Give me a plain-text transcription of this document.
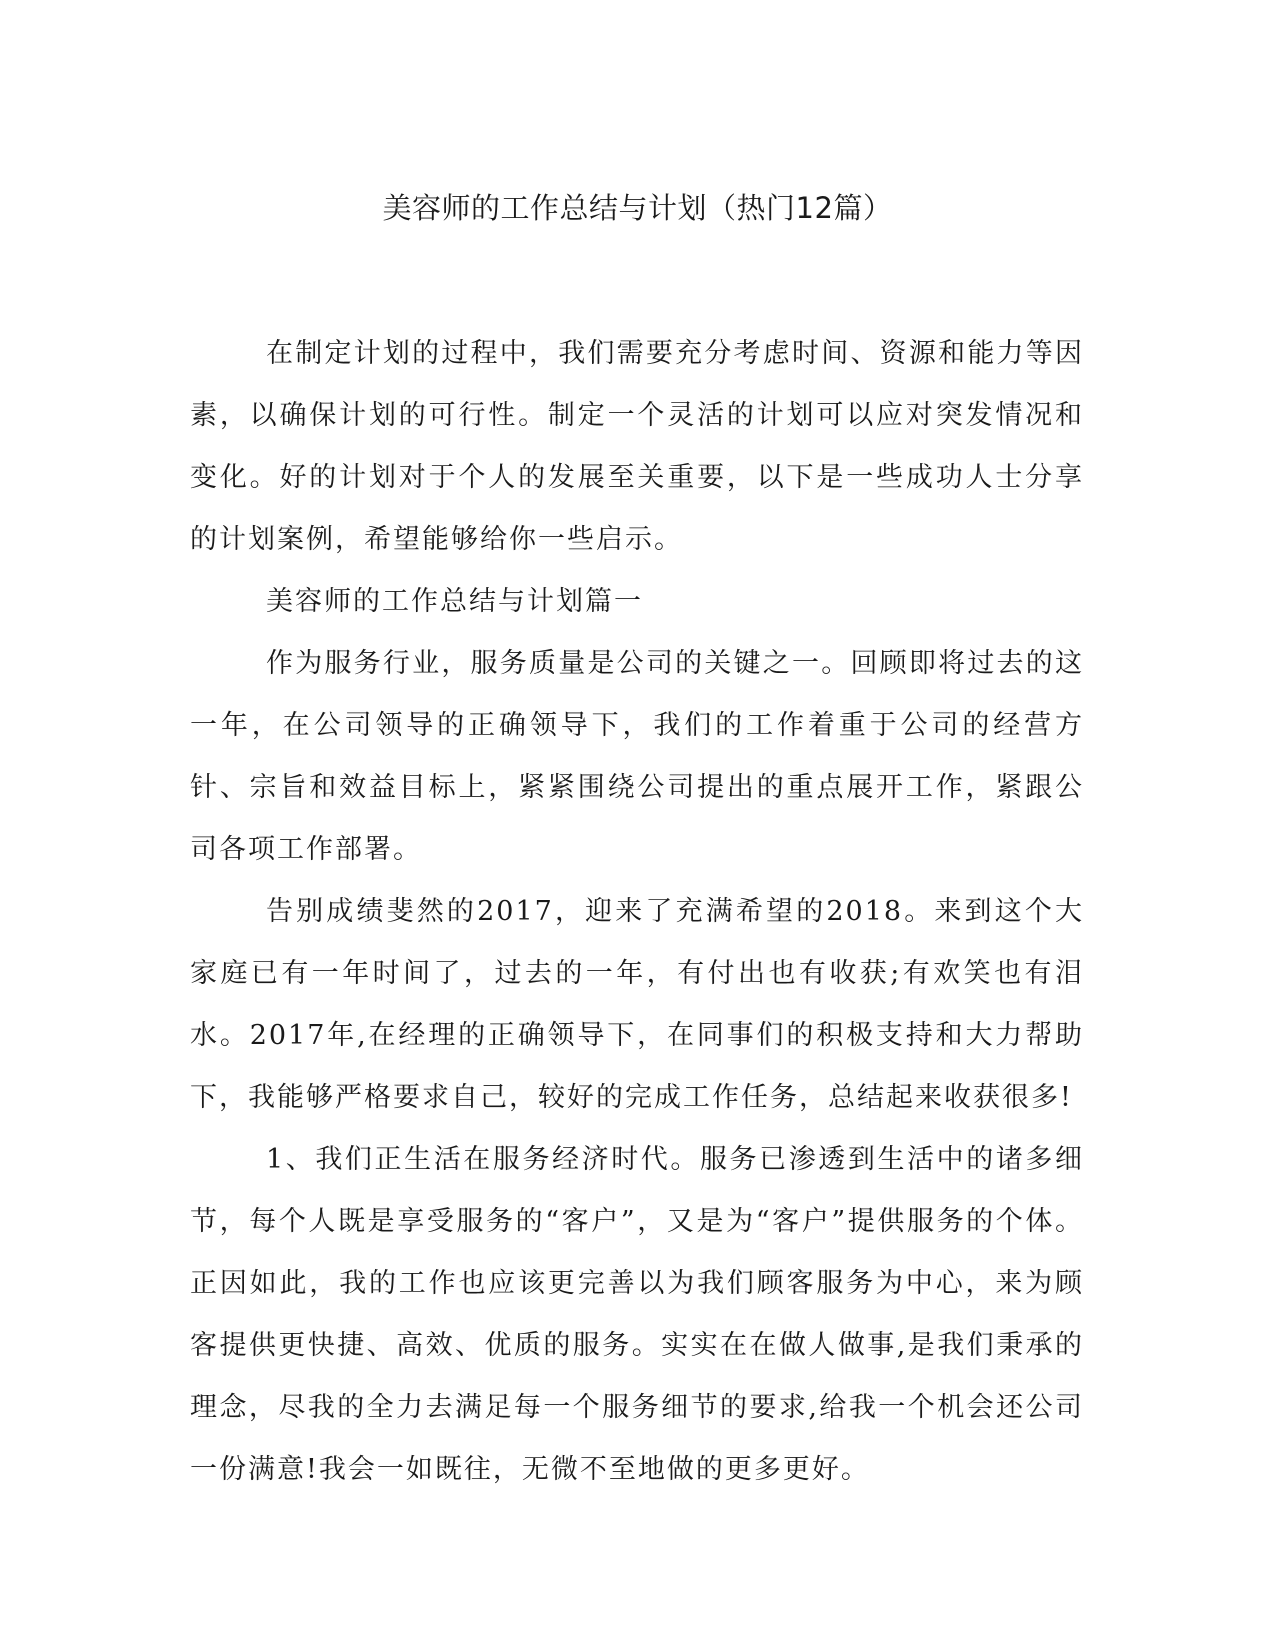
美容师的工作总结与计划（热门12篇）

在制定计划的过程中，我们需要充分考虑时间、资源和能力等因素，以确保计划的可行性。制定一个灵活的计划可以应对突发情况和变化。好的计划对于个人的发展至关重要，以下是一些成功人士分享的计划案例，希望能够给你一些启示。

美容师的工作总结与计划篇一

作为服务行业，服务质量是公司的关键之一。回顾即将过去的这一年，在公司领导的正确领导下，我们的工作着重于公司的经营方针、宗旨和效益目标上，紧紧围绕公司提出的重点展开工作，紧跟公司各项工作部署。

告别成绩斐然的2017，迎来了充满希望的2018。来到这个大家庭已有一年时间了，过去的一年，有付出也有收获;有欢笑也有泪水。2017年,在经理的正确领导下，在同事们的积极支持和大力帮助下，我能够严格要求自己，较好的完成工作任务，总结起来收获很多!

1、我们正生活在服务经济时代。服务已渗透到生活中的诸多细节，每个人既是享受服务的“客户”，又是为“客户”提供服务的个体。正因如此，我的工作也应该更完善以为我们顾客服务为中心，来为顾客提供更快捷、高效、优质的服务。实实在在做人做事,是我们秉承的理念，尽我的全力去满足每一个服务细节的要求,给我一个机会还公司一份满意!我会一如既往，无微不至地做的更多更好。
